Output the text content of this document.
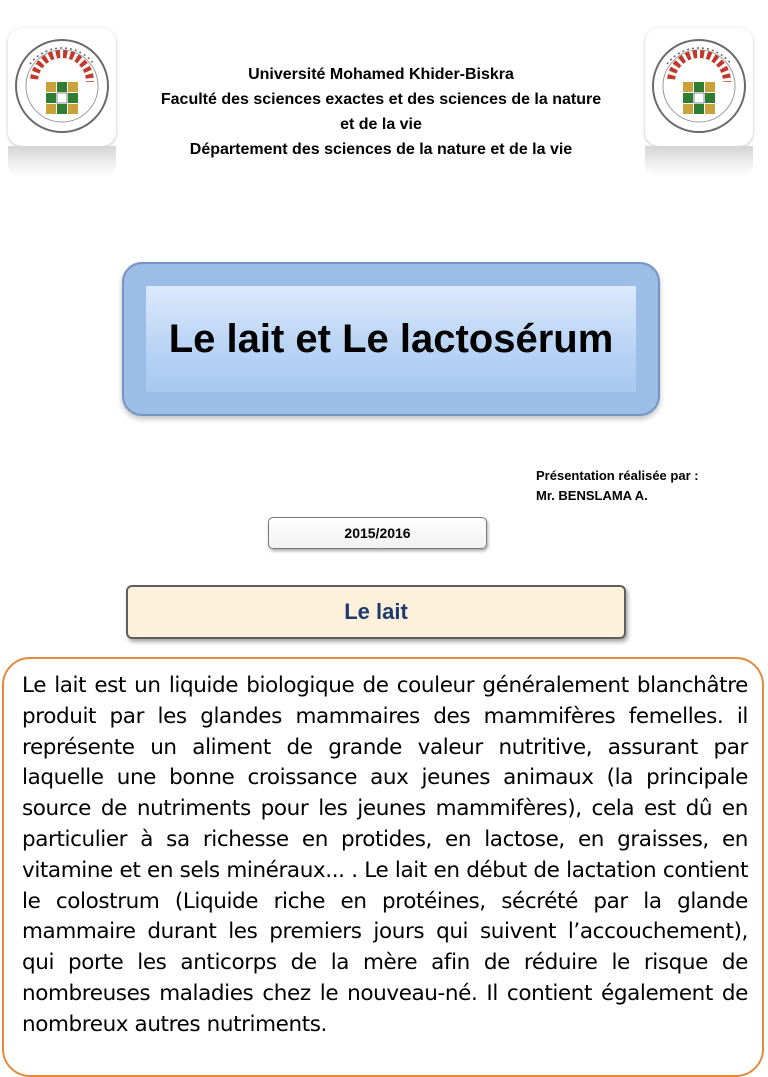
Université Mohamed Khider-Biskra
Faculté des sciences exactes et des sciences de la nature
et de la vie
Département des sciences de la nature et de la vie
Le lait et Le lactosérum
Présentation réalisée par :
Mr. BENSLAMA A.
2015/2016
Le lait
Le lait est un liquide biologique de couleur généralement blanchâtre produit par les glandes mammaires des mammifères femelles. il représente un aliment de grande valeur nutritive, assurant par laquelle une bonne croissance aux jeunes animaux (la principale source de nutriments pour les jeunes mammifères), cela est dû en particulier à sa richesse en protides, en lactose, en graisses, en vitamine et en sels minéraux... . Le lait en début de lactation contient le colostrum (Liquide riche en protéines, sécrété par la glande mammaire durant les premiers jours qui suivent l’accouchement), qui porte les anticorps de la mère afin de réduire le risque de nombreuses maladies chez le nouveau-né. Il contient également de nombreux autres nutriments.
